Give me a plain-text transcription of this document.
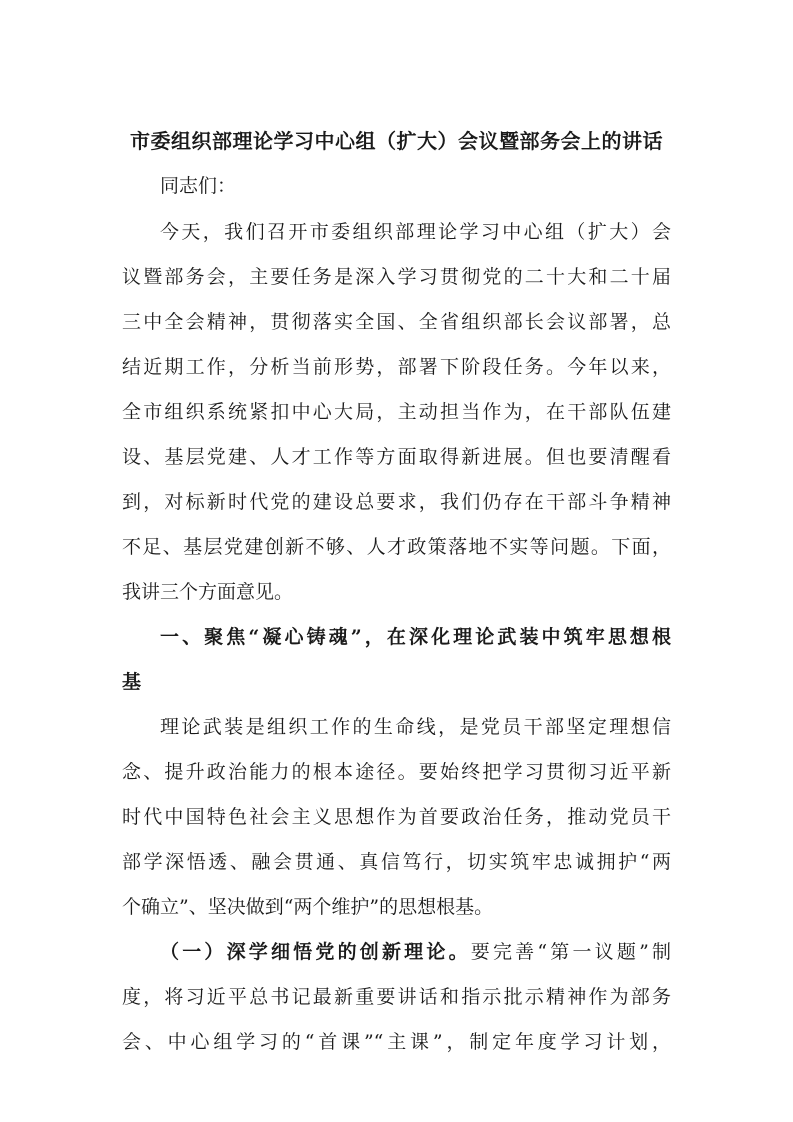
市委组织部理论学习中心组（扩大）会议暨部务会上的讲话
同志们：
今天，我们召开市委组织部理论学习中心组（扩大）会
议暨部务会，主要任务是深入学习贯彻党的二十大和二十届
三中全会精神，贯彻落实全国、全省组织部长会议部署，总
结近期工作，分析当前形势，部署下阶段任务。今年以来，
全市组织系统紧扣中心大局，主动担当作为，在干部队伍建
设、基层党建、人才工作等方面取得新进展。但也要清醒看
到，对标新时代党的建设总要求，我们仍存在干部斗争精神
不足、基层党建创新不够、人才政策落地不实等问题。下面，
我讲三个方面意见。
一、聚焦“凝心铸魂”，在深化理论武装中筑牢思想根
基
理论武装是组织工作的生命线，是党员干部坚定理想信
念、提升政治能力的根本途径。要始终把学习贯彻习近平新
时代中国特色社会主义思想作为首要政治任务，推动党员干
部学深悟透、融会贯通、真信笃行，切实筑牢忠诚拥护“两
个确立”、坚决做到“两个维护”的思想根基。
（一）深学细悟党的创新理论。要完善“第一议题”制
度，将习近平总书记最新重要讲话和指示批示精神作为部务
会、中心组学习的“首课”“主课”，制定年度学习计划，
